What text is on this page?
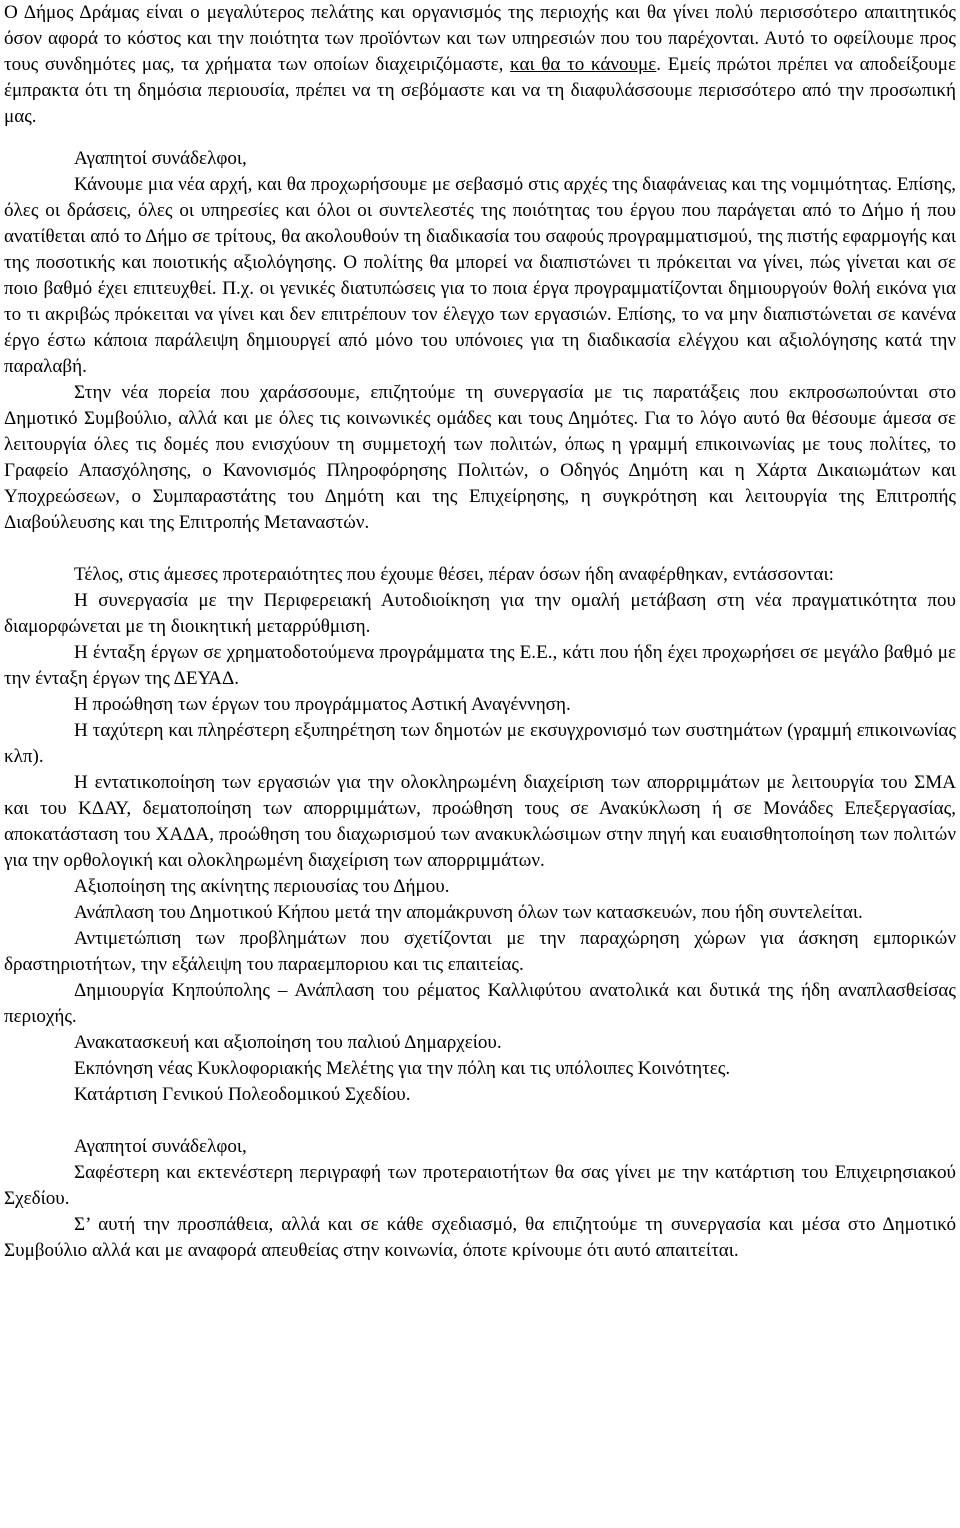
Ο Δήμος Δράμας είναι ο μεγαλύτερος πελάτης και οργανισμός της περιοχής και θα γίνει πολύ περισσότερο απαιτητικός όσον αφορά το κόστος και την ποιότητα των προϊόντων και των υπηρεσιών που του παρέχονται. Αυτό το οφείλουμε προς τους συνδημότες μας, τα χρήματα των οποίων διαχειριζόμαστε, και θα το κάνουμε. Εμείς πρώτοι πρέπει να αποδείξουμε έμπρακτα ότι τη δημόσια περιουσία, πρέπει να τη σεβόμαστε και να τη διαφυλάσσουμε περισσότερο από την προσωπική μας.

Αγαπητοί συνάδελφοι,

Κάνουμε μια νέα αρχή, και θα προχωρήσουμε με σεβασμό στις αρχές της διαφάνειας και της νομιμότητας. Επίσης, όλες οι δράσεις, όλες οι υπηρεσίες και όλοι οι συντελεστές της ποιότητας του έργου που παράγεται από το Δήμο ή που ανατίθεται από το Δήμο σε τρίτους, θα ακολουθούν τη διαδικασία του σαφούς προγραμματισμού, της πιστής εφαρμογής και της ποσοτικής και ποιοτικής αξιολόγησης. Ο πολίτης θα μπορεί να διαπιστώνει τι πρόκειται να γίνει, πώς γίνεται και σε ποιο βαθμό έχει επιτευχθεί. Π.χ. οι γενικές διατυπώσεις για το ποια έργα προγραμματίζονται δημιουργούν θολή εικόνα για το τι ακριβώς πρόκειται να γίνει και δεν επιτρέπουν τον έλεγχο των εργασιών. Επίσης, το να μην διαπιστώνεται σε κανένα έργο έστω κάποια παράλειψη δημιουργεί από μόνο του υπόνοιες για τη διαδικασία ελέγχου και αξιολόγησης κατά την παραλαβή.

Στην νέα πορεία που χαράσσουμε, επιζητούμε τη συνεργασία με τις παρατάξεις που εκπροσωπούνται στο Δημοτικό Συμβούλιο, αλλά και με όλες τις κοινωνικές ομάδες και τους Δημότες. Για το λόγο αυτό θα θέσουμε άμεσα σε λειτουργία όλες τις δομές που ενισχύουν τη συμμετοχή των πολιτών, όπως η γραμμή επικοινωνίας με τους πολίτες, το Γραφείο Απασχόλησης, ο Κανονισμός Πληροφόρησης Πολιτών, ο Οδηγός Δημότη και η Χάρτα Δικαιωμάτων και Υποχρεώσεων, ο Συμπαραστάτης του Δημότη και της Επιχείρησης, η συγκρότηση και λειτουργία της Επιτροπής Διαβούλευσης και της Επιτροπής Μεταναστών.

Τέλος, στις άμεσες προτεραιότητες που έχουμε θέσει, πέραν όσων ήδη αναφέρθηκαν, εντάσσονται:

Η συνεργασία με την Περιφερειακή Αυτοδιοίκηση για την ομαλή μετάβαση στη νέα πραγματικότητα που διαμορφώνεται με τη διοικητική μεταρρύθμιση.

Η ένταξη έργων σε χρηματοδοτούμενα προγράμματα της Ε.Ε., κάτι που ήδη έχει προχωρήσει σε μεγάλο βαθμό με την ένταξη έργων της ΔΕΥΑΔ.

Η προώθηση των έργων του προγράμματος Αστική Αναγέννηση.

Η ταχύτερη και πληρέστερη εξυπηρέτηση των δημοτών με εκσυγχρονισμό των συστημάτων (γραμμή επικοινωνίας κλπ).

Η εντατικοποίηση των εργασιών για την ολοκληρωμένη διαχείριση των απορριμμάτων με λειτουργία του ΣΜΑ και του ΚΔΑΥ, δεματοποίηση των απορριμμάτων, προώθηση τους σε Ανακύκλωση ή σε Μονάδες Επεξεργασίας, αποκατάσταση του ΧΑΔΑ, προώθηση του διαχωρισμού των ανακυκλώσιμων στην πηγή και ευαισθητοποίηση των πολιτών για την ορθολογική και ολοκληρωμένη διαχείριση των απορριμμάτων.

Αξιοποίηση της ακίνητης περιουσίας του Δήμου.

Ανάπλαση του Δημοτικού Κήπου μετά την απομάκρυνση όλων των κατασκευών, που ήδη συντελείται.

Αντιμετώπιση των προβλημάτων που σχετίζονται με την παραχώρηση χώρων για άσκηση εμπορικών δραστηριοτήτων, την εξάλειψη του παραεμποριου και τις επαιτείας.

Δημιουργία Κηπούπολης – Ανάπλαση του ρέματος Καλλιφύτου ανατολικά και δυτικά της ήδη αναπλασθείσας περιοχής.

Ανακατασκευή και αξιοποίηση του παλιού Δημαρχείου.

Εκπόνηση νέας Κυκλοφοριακής Μελέτης για την πόλη και τις υπόλοιπες Κοινότητες.

Κατάρτιση Γενικού Πολεοδομικού Σχεδίου.

Αγαπητοί συνάδελφοι,

Σαφέστερη και εκτενέστερη περιγραφή των προτεραιοτήτων θα σας γίνει με την κατάρτιση του Επιχειρησιακού Σχεδίου.

Σ’ αυτή την προσπάθεια, αλλά και σε κάθε σχεδιασμό, θα επιζητούμε τη συνεργασία και μέσα στο Δημοτικό Συμβούλιο αλλά και με αναφορά απευθείας στην κοινωνία, όποτε κρίνουμε ότι αυτό απαιτείται.
